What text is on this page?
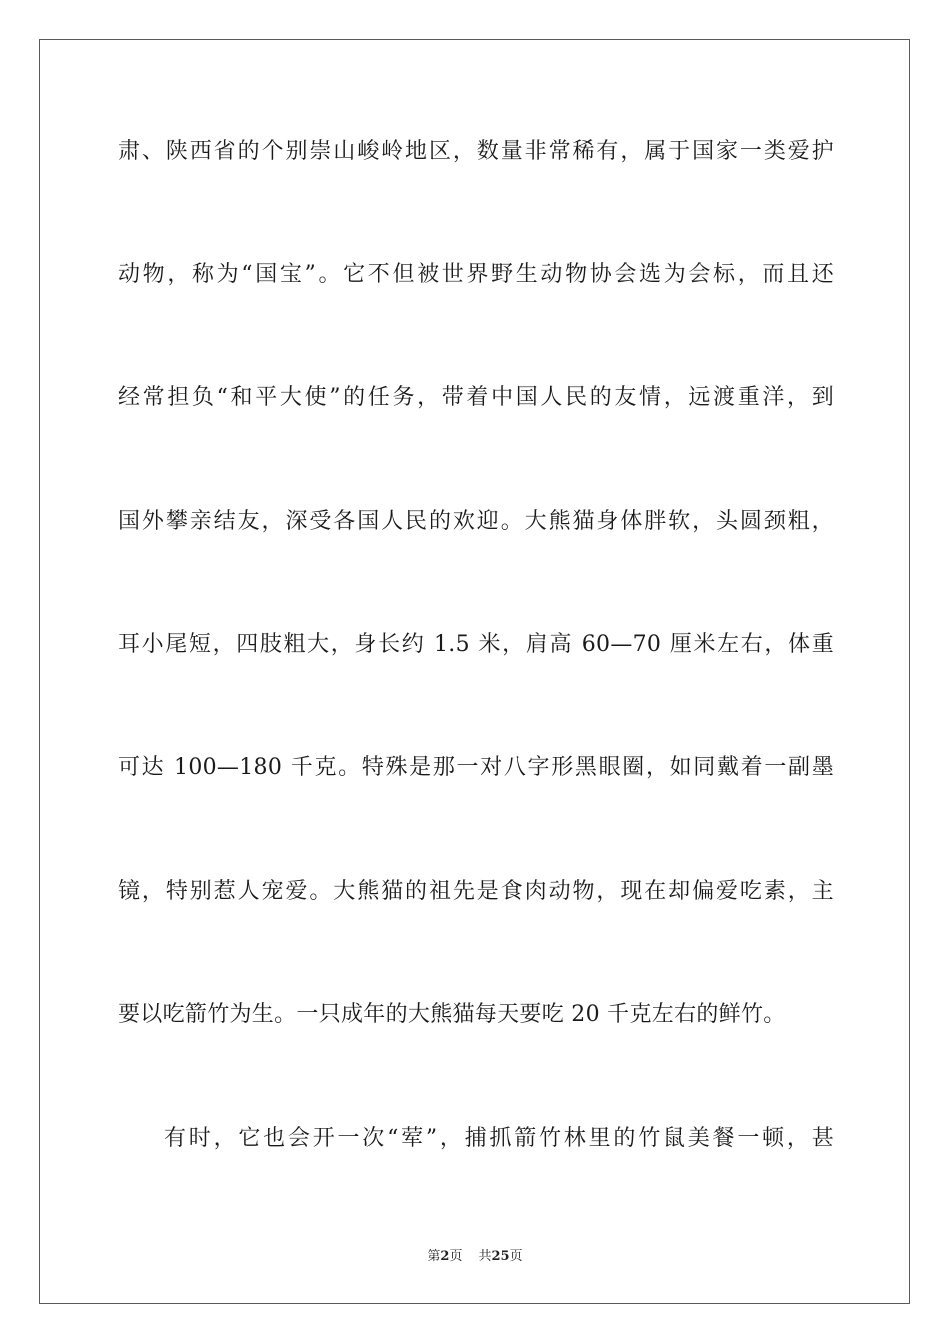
肃、陕西省的个别崇山峻岭地区，数量非常稀有，属于国家一类爱护
动物，称为“国宝”。它不但被世界野生动物协会选为会标，而且还
经常担负“和平大使”的任务，带着中国人民的友情，远渡重洋，到
国外攀亲结友，深受各国人民的欢迎。大熊猫身体胖软，头圆颈粗，
耳小尾短，四肢粗大，身长约 1.5 米，肩高 60—70 厘米左右，体重
可达 100—180 千克。特殊是那一对八字形黑眼圈，如同戴着一副墨
镜，特别惹人宠爱。大熊猫的祖先是食肉动物，现在却偏爱吃素，主
要以吃箭竹为生。一只成年的大熊猫每天要吃 20 千克左右的鲜竹。
有时，它也会开一次“荤”，捕抓箭竹林里的竹鼠美餐一顿，甚
第2页 共25页
